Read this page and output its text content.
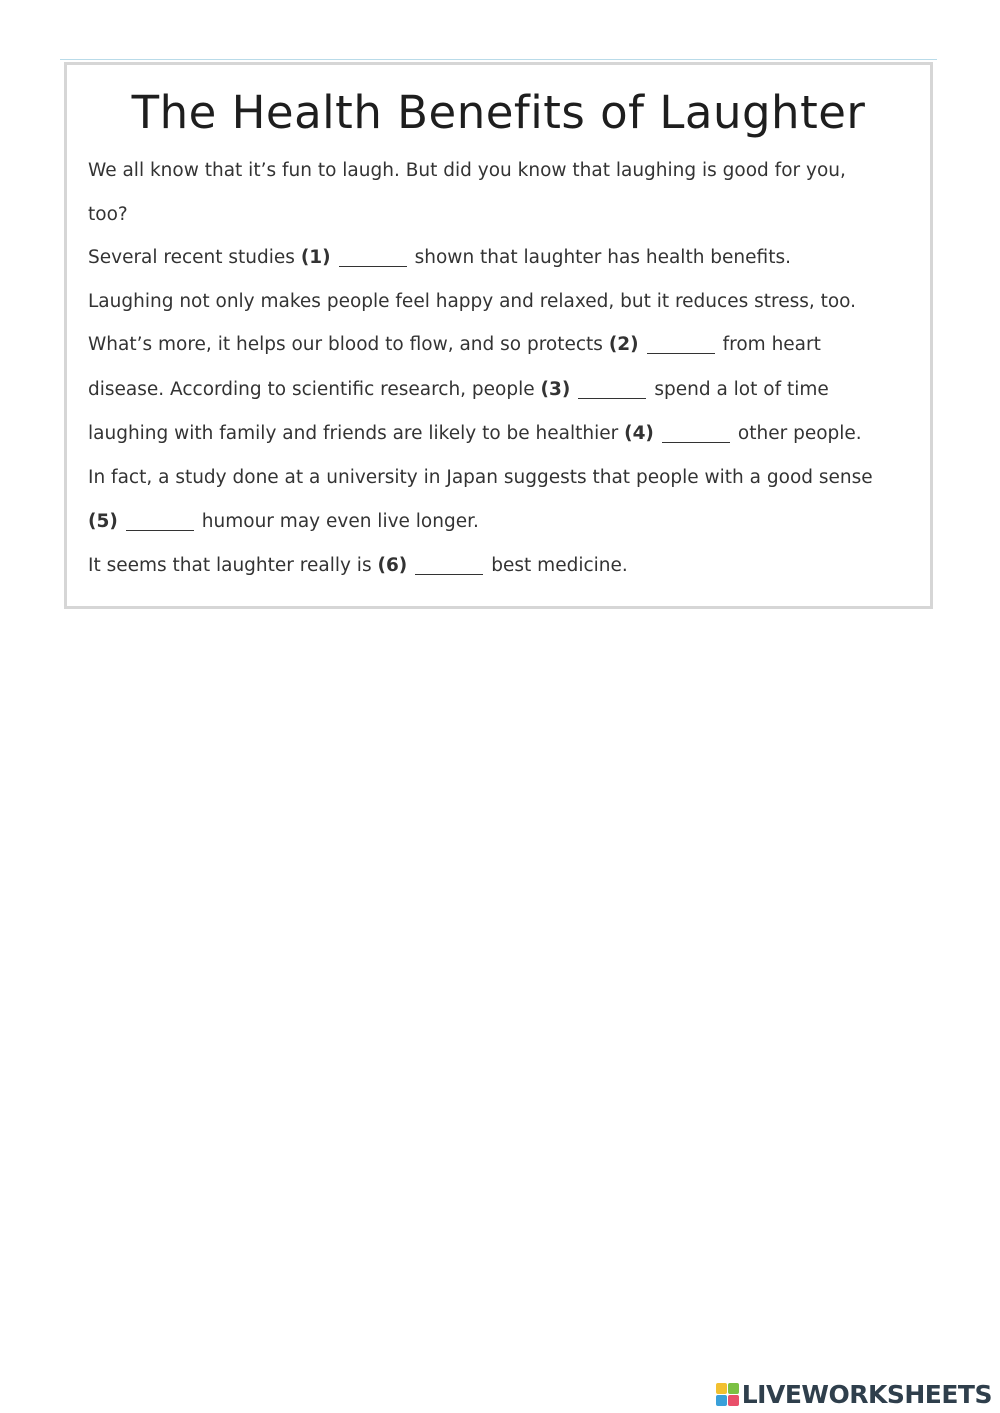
The Health Benefits of Laughter
We all know that it’s fun to laugh. But did you know that laughing is good for you,
too?
Several recent studies (1)	shown that laughter has health benefits.
Laughing not only makes people feel happy and relaxed, but it reduces stress, too.
What’s more, it helps our blood to flow, and so protects (2)	from heart
disease. According to scientific research, people (3)	spend a lot of time
laughing with family and friends are likely to be healthier (4)	other people.
In fact, a study done at a university in Japan suggests that people with a good sense
(5)	humour may even live longer.
It seems that laughter really is (6)	best medicine.
LIVEWORKSHEETS
